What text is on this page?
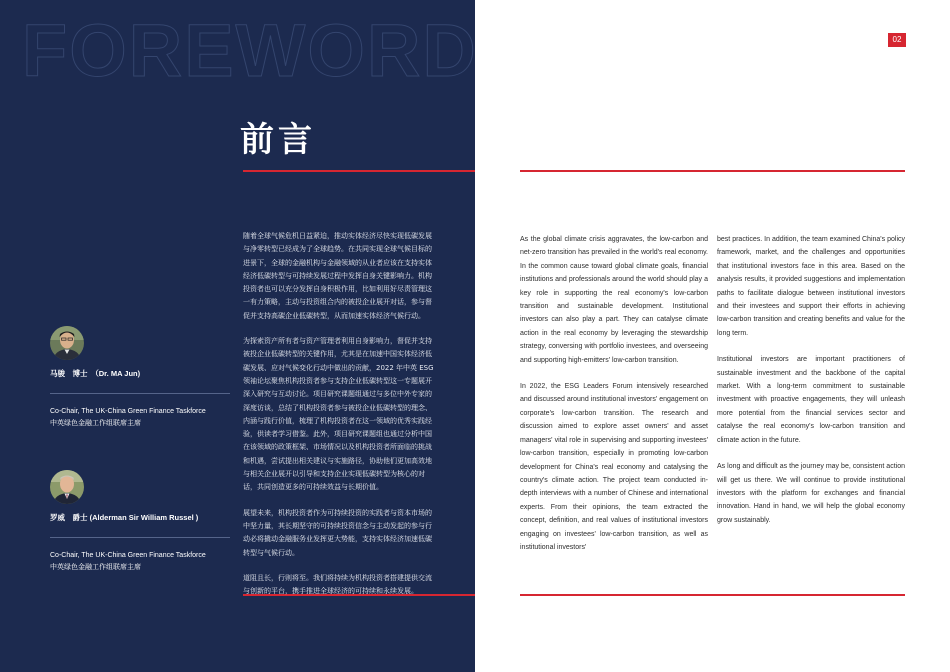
FOREWORD
前言
02
马骏　博士　（Dr. MA Jun)
Co-Chair, The UK-China Green Finance Taskforce
中英绿色金融工作组联席主席
罗威　爵士 (Alderman Sir William Russel )
Co-Chair, The UK-China Green Finance Taskforce
中英绿色金融工作组联席主席

随着全球气候危机日益紧迫，推动实体经济尽快实现低碳发展与净零转型已经成为了全球趋势。在共同实现全球气候目标的进景下，全球的金融机构与金融领域的从业者应该在支持实体经济低碳转型与可持续发展过程中发挥自身关键影响力。机构投资者也可以充分发挥自身积极作用，比如利用好尽责管理这一有力策略，主动与投资组合内的被投企业展开对话，参与督促并支持高碳企业低碳转型，从而加速实体经济气候行动。

为探索资产所有者与资产管理者利用自身影响力，督促并支持被投企业低碳转型的关键作用，尤其是在加速中国实体经济低碳发展、应对气候变化行动中做出的贡献，2022 年中英 ESG 领袖论坛聚焦机构投资者参与支持企业低碳转型这一专题展开深入研究与互动讨论。项目研究课题组通过与多位中外专家的深度访谈，总结了机构投资者参与被投企业低碳转型的理念、内涵与践行价值，梳理了机构投资者在这一领域的优秀实践经验，供读者学习借鉴。此外，项目研究课题组也通过分析中国在该领域的政策框架、市场情况以及机构投资者所面临的挑战和机遇，尝试提出相关建议与实施路径，协助他们更加高效地与相关企业展开以引导和支持企业实现低碳转型为核心的对话，共同创造更多的可持续效益与长期价值。

展望未来，机构投资者作为可持续投资的实践者与资本市场的中坚力量，其长期坚守的可持续投资信念与主动发起的参与行动必将撬动金融服务业发挥更大势能，支持实体经济加速低碳转型与气候行动。

道阻且长，行则将至。我们将持续为机构投资者搭建提供交流与创新的平台，携手推进全球经济的可持续和永续发展。

As the global climate crisis aggravates, the low-carbon and net-zero transition has prevailed in the world's real economy. In the common cause toward global climate goals, financial institutions and professionals around the world should play a key role in supporting the real economy's low-carbon transition and sustainable development. Institutional investors can also play a part. They can catalyse climate action in the real economy by leveraging the stewardship strategy, conversing with portfolio investees, and overseeing and supporting high-emitters' low-carbon transition.

In 2022, the ESG Leaders Forum intensively researched and discussed around institutional investors' engagement on corporate's low-carbon transition. The research and discussion aimed to explore asset owners' and asset managers' vital role in supervising and supporting investees' low-carbon transition, especially in promoting low-carbon development for China's real economy and catalysing the country's climate action. The project team conducted in-depth interviews with a number of Chinese and international experts. From their opinions, the team extracted the concept, definition, and real values of institutional investors engaging on investees' low-carbon transition, as well as institutional investors'

best practices. In addition, the team examined China's policy framework, market, and the challenges and opportunities that institutional investors face in this area. Based on the analysis results, it provided suggestions and implementation paths to facilitate dialogue between institutional investors and their investees and support their efforts in achieving low-carbon transition and creating benefits and value for the long term.

Institutional investors are important practitioners of sustainable investment and the backbone of the capital market. With a long-term commitment to sustainable investment with proactive engagements, they will unleash more potential from the financial services sector and catalyse the real economy's low-carbon transition and climate action in the future.

As long and difficult as the journey may be, consistent action will get us there. We will continue to provide institutional investors with the platform for exchanges and financial innovation. Hand in hand, we will help the global economy grow sustainably.
